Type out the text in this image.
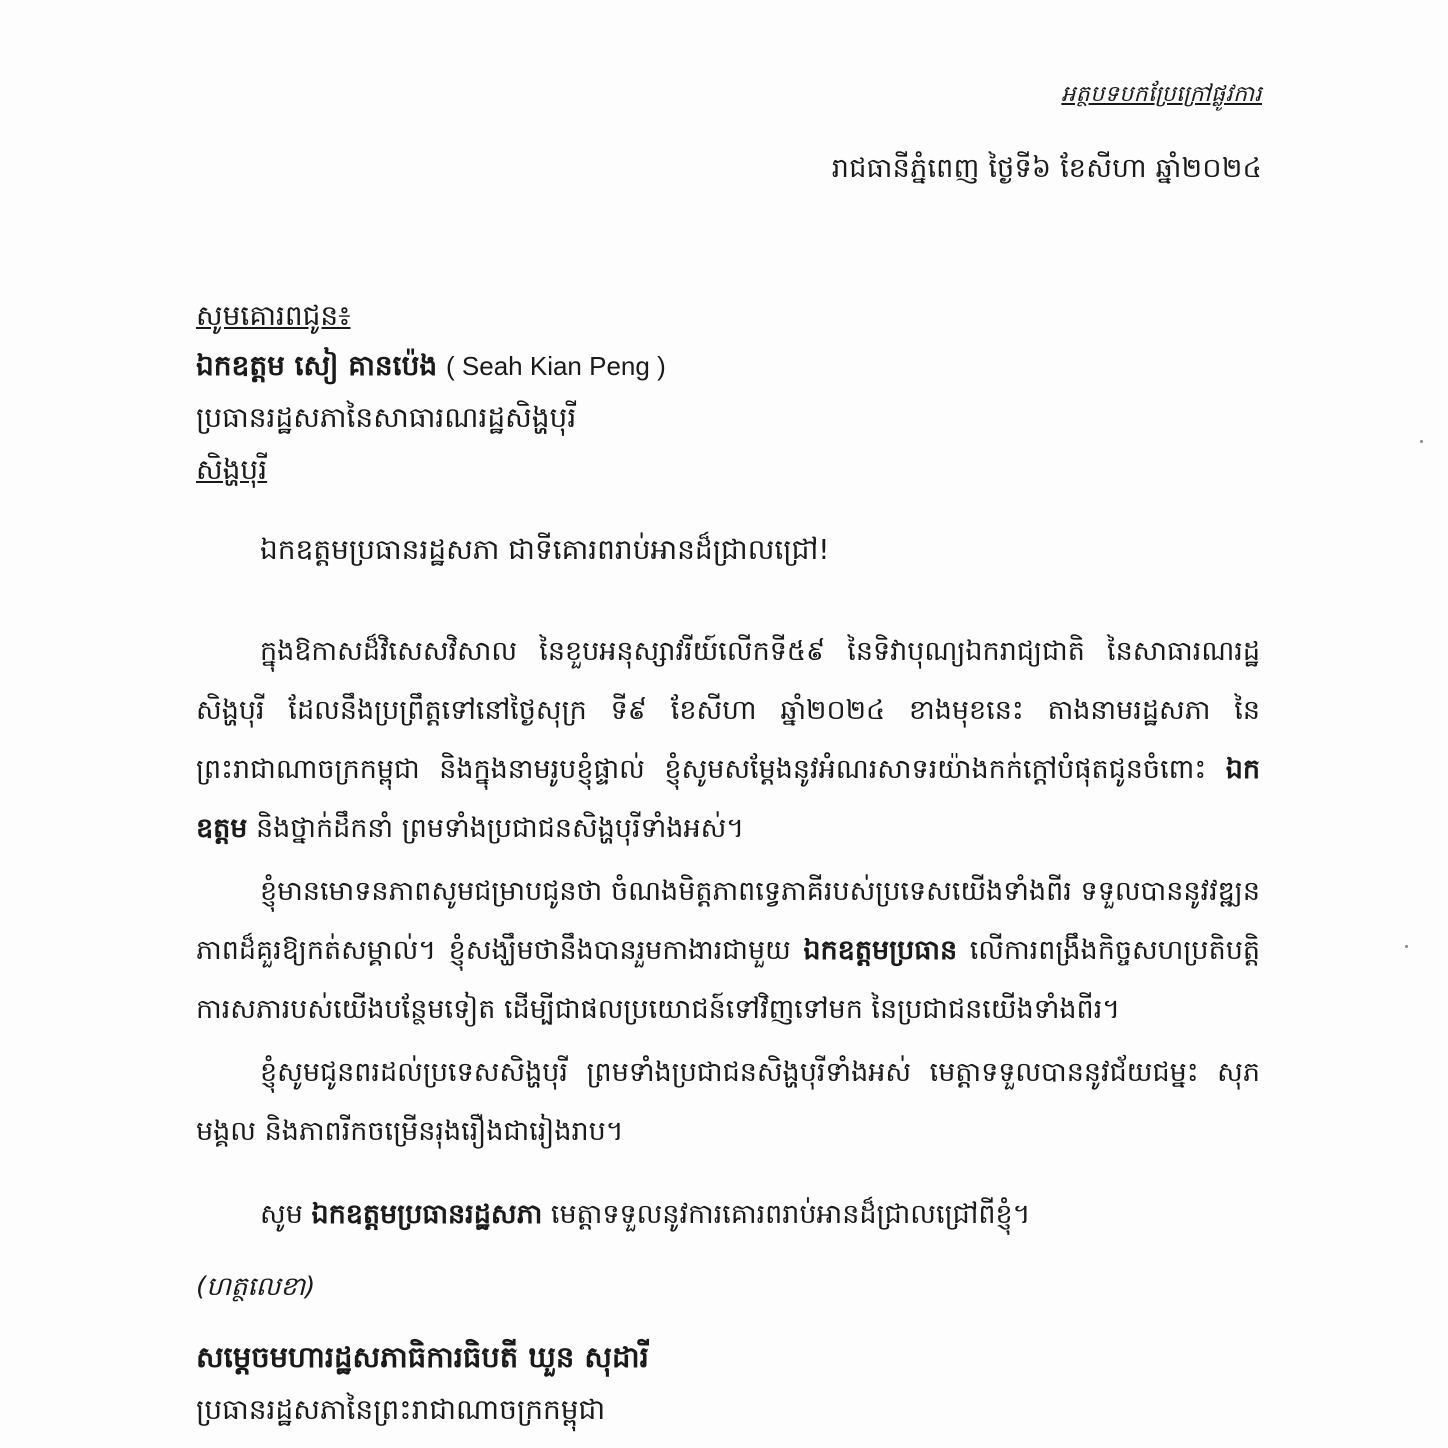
អត្ថបទបកប្រែក្រៅផ្លូវការ
រាជធានីភ្នំពេញ ថ្ងៃទី៦ ខែសីហា ឆ្នាំ២០២៤
សូមគោរពជូន៖
ឯកឧត្តម សៀ គានប៉េង ( Seah Kian Peng )
ប្រធានរដ្ឋសភានៃសាធារណរដ្ឋសិង្ហបុរី
សិង្ហបុរី
ឯកឧត្តមប្រធានរដ្ឋសភា ជាទីគោរពរាប់អានដ៏ជ្រាលជ្រៅ!
ក្នុងឱកាសដ៏វិសេសវិសាល នៃខួបអនុស្សាវរីយ៍លើកទី៥៩ នៃទិវាបុណ្យឯករាជ្យជាតិ នៃសាធារណរដ្ឋសិង្ហបុរី ដែលនឹងប្រព្រឹត្តទៅនៅថ្ងៃសុក្រ ទី៩ ខែសីហា ឆ្នាំ២០២៤ ខាងមុខនេះ តាងនាមរដ្ឋសភា នៃព្រះរាជាណាចក្រកម្ពុជា និងក្នុងនាមរូបខ្ញុំផ្ទាល់ ខ្ញុំសូមសម្តែងនូវអំណរសាទរយ៉ាងកក់ក្តៅបំផុតជូនចំពោះ ឯកឧត្តម និងថ្នាក់ដឹកនាំ ព្រមទាំងប្រជាជនសិង្ហបុរីទាំងអស់។
ខ្ញុំមានមោទនភាពសូមជម្រាបជូនថា ចំណងមិត្តភាពទ្វេភាគីរបស់ប្រទេសយើងទាំងពីរ ទទួលបាននូវវឌ្ឍនភាពដ៏គួរឱ្យកត់សម្គាល់។ ខ្ញុំសង្ឃឹមថានឹងបានរួមកាងារជាមួយ ឯកឧត្តមប្រធាន លើការពង្រឹងកិច្ចសហប្រតិបត្តិការសភារបស់យើងបន្ថែមទៀត ដើម្បីជាផលប្រយោជន៍ទៅវិញទៅមក នៃប្រជាជនយើងទាំងពីរ។
ខ្ញុំសូមជូនពរដល់ប្រទេសសិង្ហបុរី ព្រមទាំងប្រជាជនសិង្ហបុរីទាំងអស់ មេត្តាទទួលបាននូវជ័យជម្នះ សុភមង្គល និងភាពរីកចម្រើនរុងរឿងជារៀងរាប។
សូម ឯកឧត្តមប្រធានរដ្ឋសភា មេត្តាទទួលនូវការគោរពរាប់អានដ៏ជ្រាលជ្រៅពីខ្ញុំ។
(ហត្ថលេខា)
សម្តេចមហារដ្ឋសភាធិការធិបតី ឃួន សុដារី
ប្រធានរដ្ឋសភានៃព្រះរាជាណាចក្រកម្ពុជា
